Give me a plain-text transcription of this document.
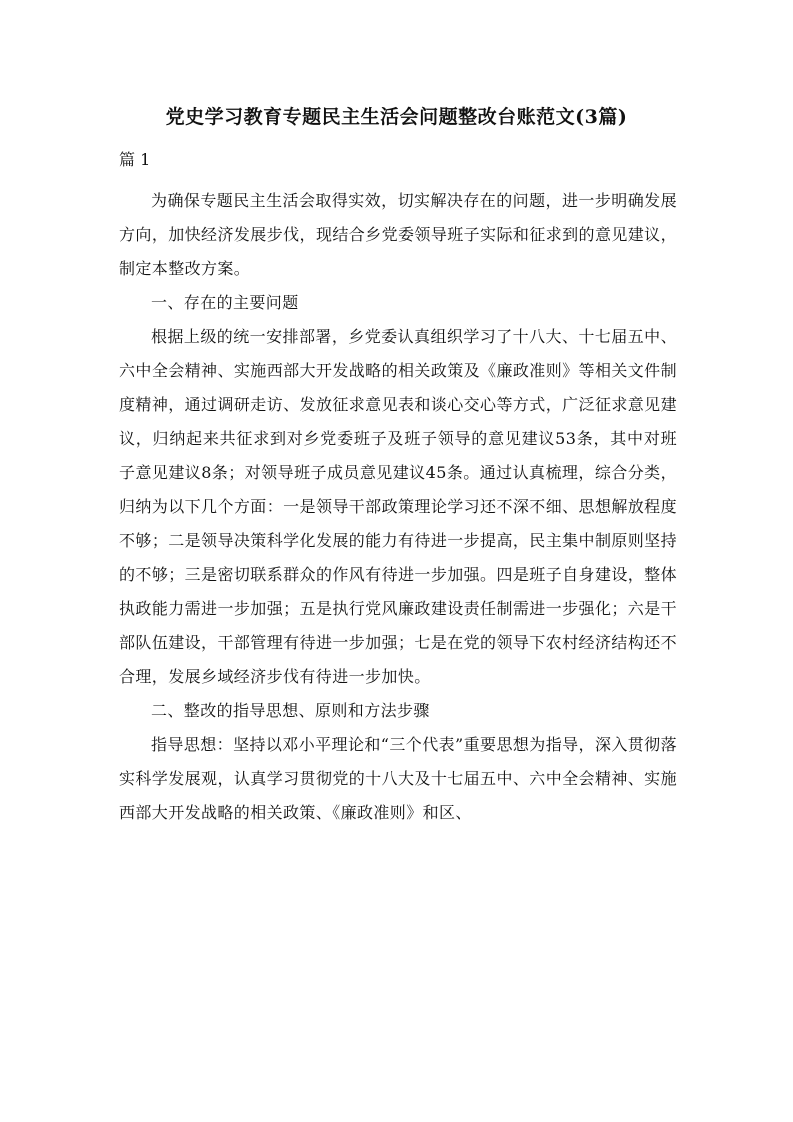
党史学习教育专题民主生活会问题整改台账范文(3篇)
篇 1

为确保专题民主生活会取得实效，切实解决存在的问题，进一步明确发展方向，加快经济发展步伐，现结合乡党委领导班子实际和征求到的意见建议，制定本整改方案。

一、存在的主要问题

根据上级的统一安排部署，乡党委认真组织学习了十八大、十七届五中、六中全会精神、实施西部大开发战略的相关政策及《廉政准则》等相关文件制度精神，通过调研走访、发放征求意见表和谈心交心等方式，广泛征求意见建议，归纳起来共征求到对乡党委班子及班子领导的意见建议53条，其中对班子意见建议8条；对领导班子成员意见建议45条。通过认真梳理，综合分类，归纳为以下几个方面：一是领导干部政策理论学习还不深不细、思想解放程度不够；二是领导决策科学化发展的能力有待进一步提高，民主集中制原则坚持的不够；三是密切联系群众的作风有待进一步加强。四是班子自身建设，整体执政能力需进一步加强；五是执行党风廉政建设责任制需进一步强化；六是干部队伍建设，干部管理有待进一步加强；七是在党的领导下农村经济结构还不合理，发展乡域经济步伐有待进一步加快。

二、整改的指导思想、原则和方法步骤

指导思想：坚持以邓小平理论和“三个代表”重要思想为指导，深入贯彻落实科学发展观，认真学习贯彻党的十八大及十七届五中、六中全会精神、实施西部大开发战略的相关政策、《廉政准则》和区、
